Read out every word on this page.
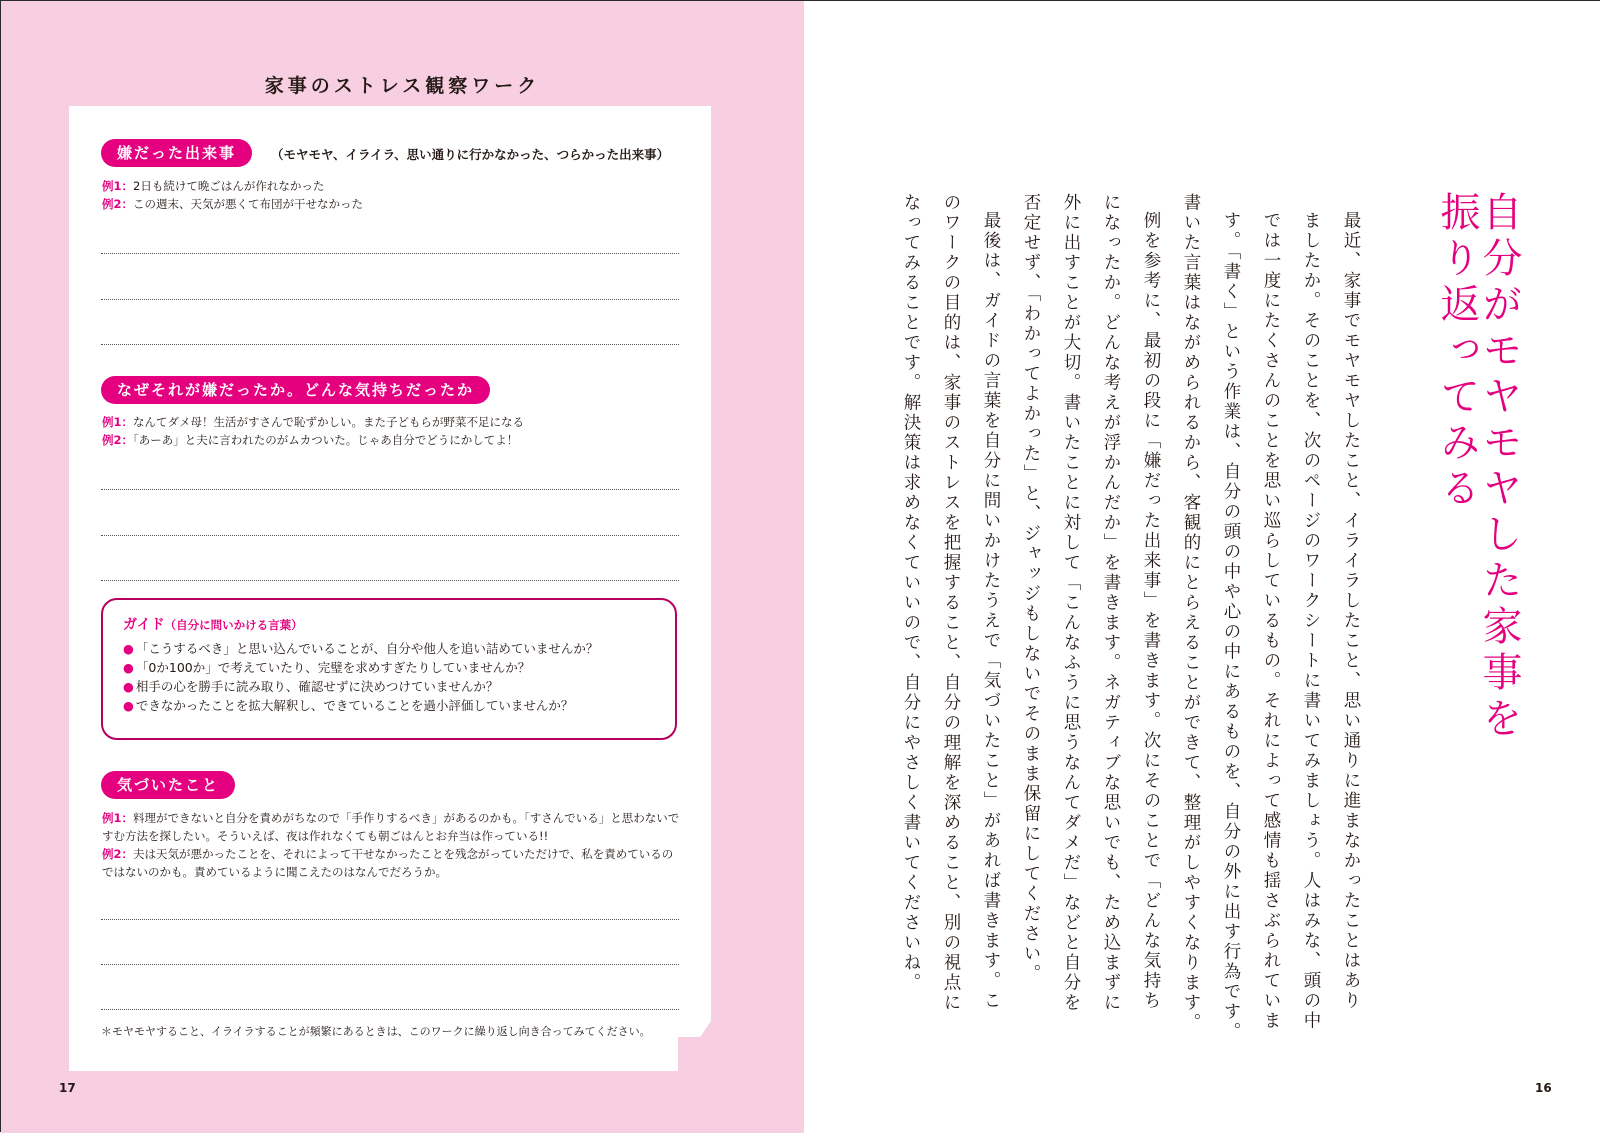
家事のストレス観察ワーク
嫌だった出来事	（モヤモヤ、イライラ、思い通りに行かなかった、つらかった出来事）
例1：2日も続けて晩ごはんが作れなかった
例2：この週末、天気が悪くて布団が干せなかった
なぜそれが嫌だったか。どんな気持ちだったか
例1：なんてダメ母！生活がすさんで恥ずかしい。また子どもらが野菜不足になる
例2：「あーあ」と夫に言われたのがムカついた。じゃあ自分でどうにかしてよ！
ガイド（自分に問いかける言葉）
● 「こうするべき」と思い込んでいることが、自分や他人を追い詰めていませんか？
● 「0か100か」で考えていたり、完璧を求めすぎたりしていませんか？
● 相手の心を勝手に読み取り、確認せずに決めつけていませんか？
● できなかったことを拡大解釈し、できていることを過小評価していませんか？
気づいたこと
例1：料理ができないと自分を責めがちなので「手作りするべき」があるのかも。「すさんでいる」と思わないですむ方法を探したい。そういえば、夜は作れなくても朝ごはんとお弁当は作っている!!
例2：夫は天気が悪かったことを、それによって干せなかったことを残念がっていただけで、私を責めているのではないのかも。責めているように聞こえたのはなんでだろうか。
＊モヤモヤすること、イライラすることが頻繁にあるときは、このワークに繰り返し向き合ってみてください。
17
自分がモヤモヤした家事を
振り返ってみる
最近、家事でモヤモヤしたこと、イライラしたこと、思い通りに進まなかったことはあり
ましたか。そのことを、次のページのワークシートに書いてみましょう。人はみな、頭の中
では一度にたくさんのことを思い巡らしているもの。それによって感情も揺さぶられていま
す。「書く」という作業は、自分の頭の中や心の中にあるものを、自分の外に出す行為です。
書いた言葉はながめられるから、客観的にとらえることができて、整理がしやすくなります。
例を参考に、最初の段に「嫌だった出来事」を書きます。次にそのことで「どんな気持ち
になったか。どんな考えが浮かんだか」を書きます。ネガティブな思いでも、ため込まずに
外に出すことが大切。書いたことに対して「こんなふうに思うなんてダメだ」などと自分を
否定せず、「わかってよかった」と、ジャッジもしないでそのまま保留にしてください。
最後は、ガイドの言葉を自分に問いかけたうえで「気づいたこと」があれば書きます。こ
のワークの目的は、家事のストレスを把握すること、自分の理解を深めること、別の視点に
なってみることです。解決策は求めなくていいので、自分にやさしく書いてくださいね。
16
